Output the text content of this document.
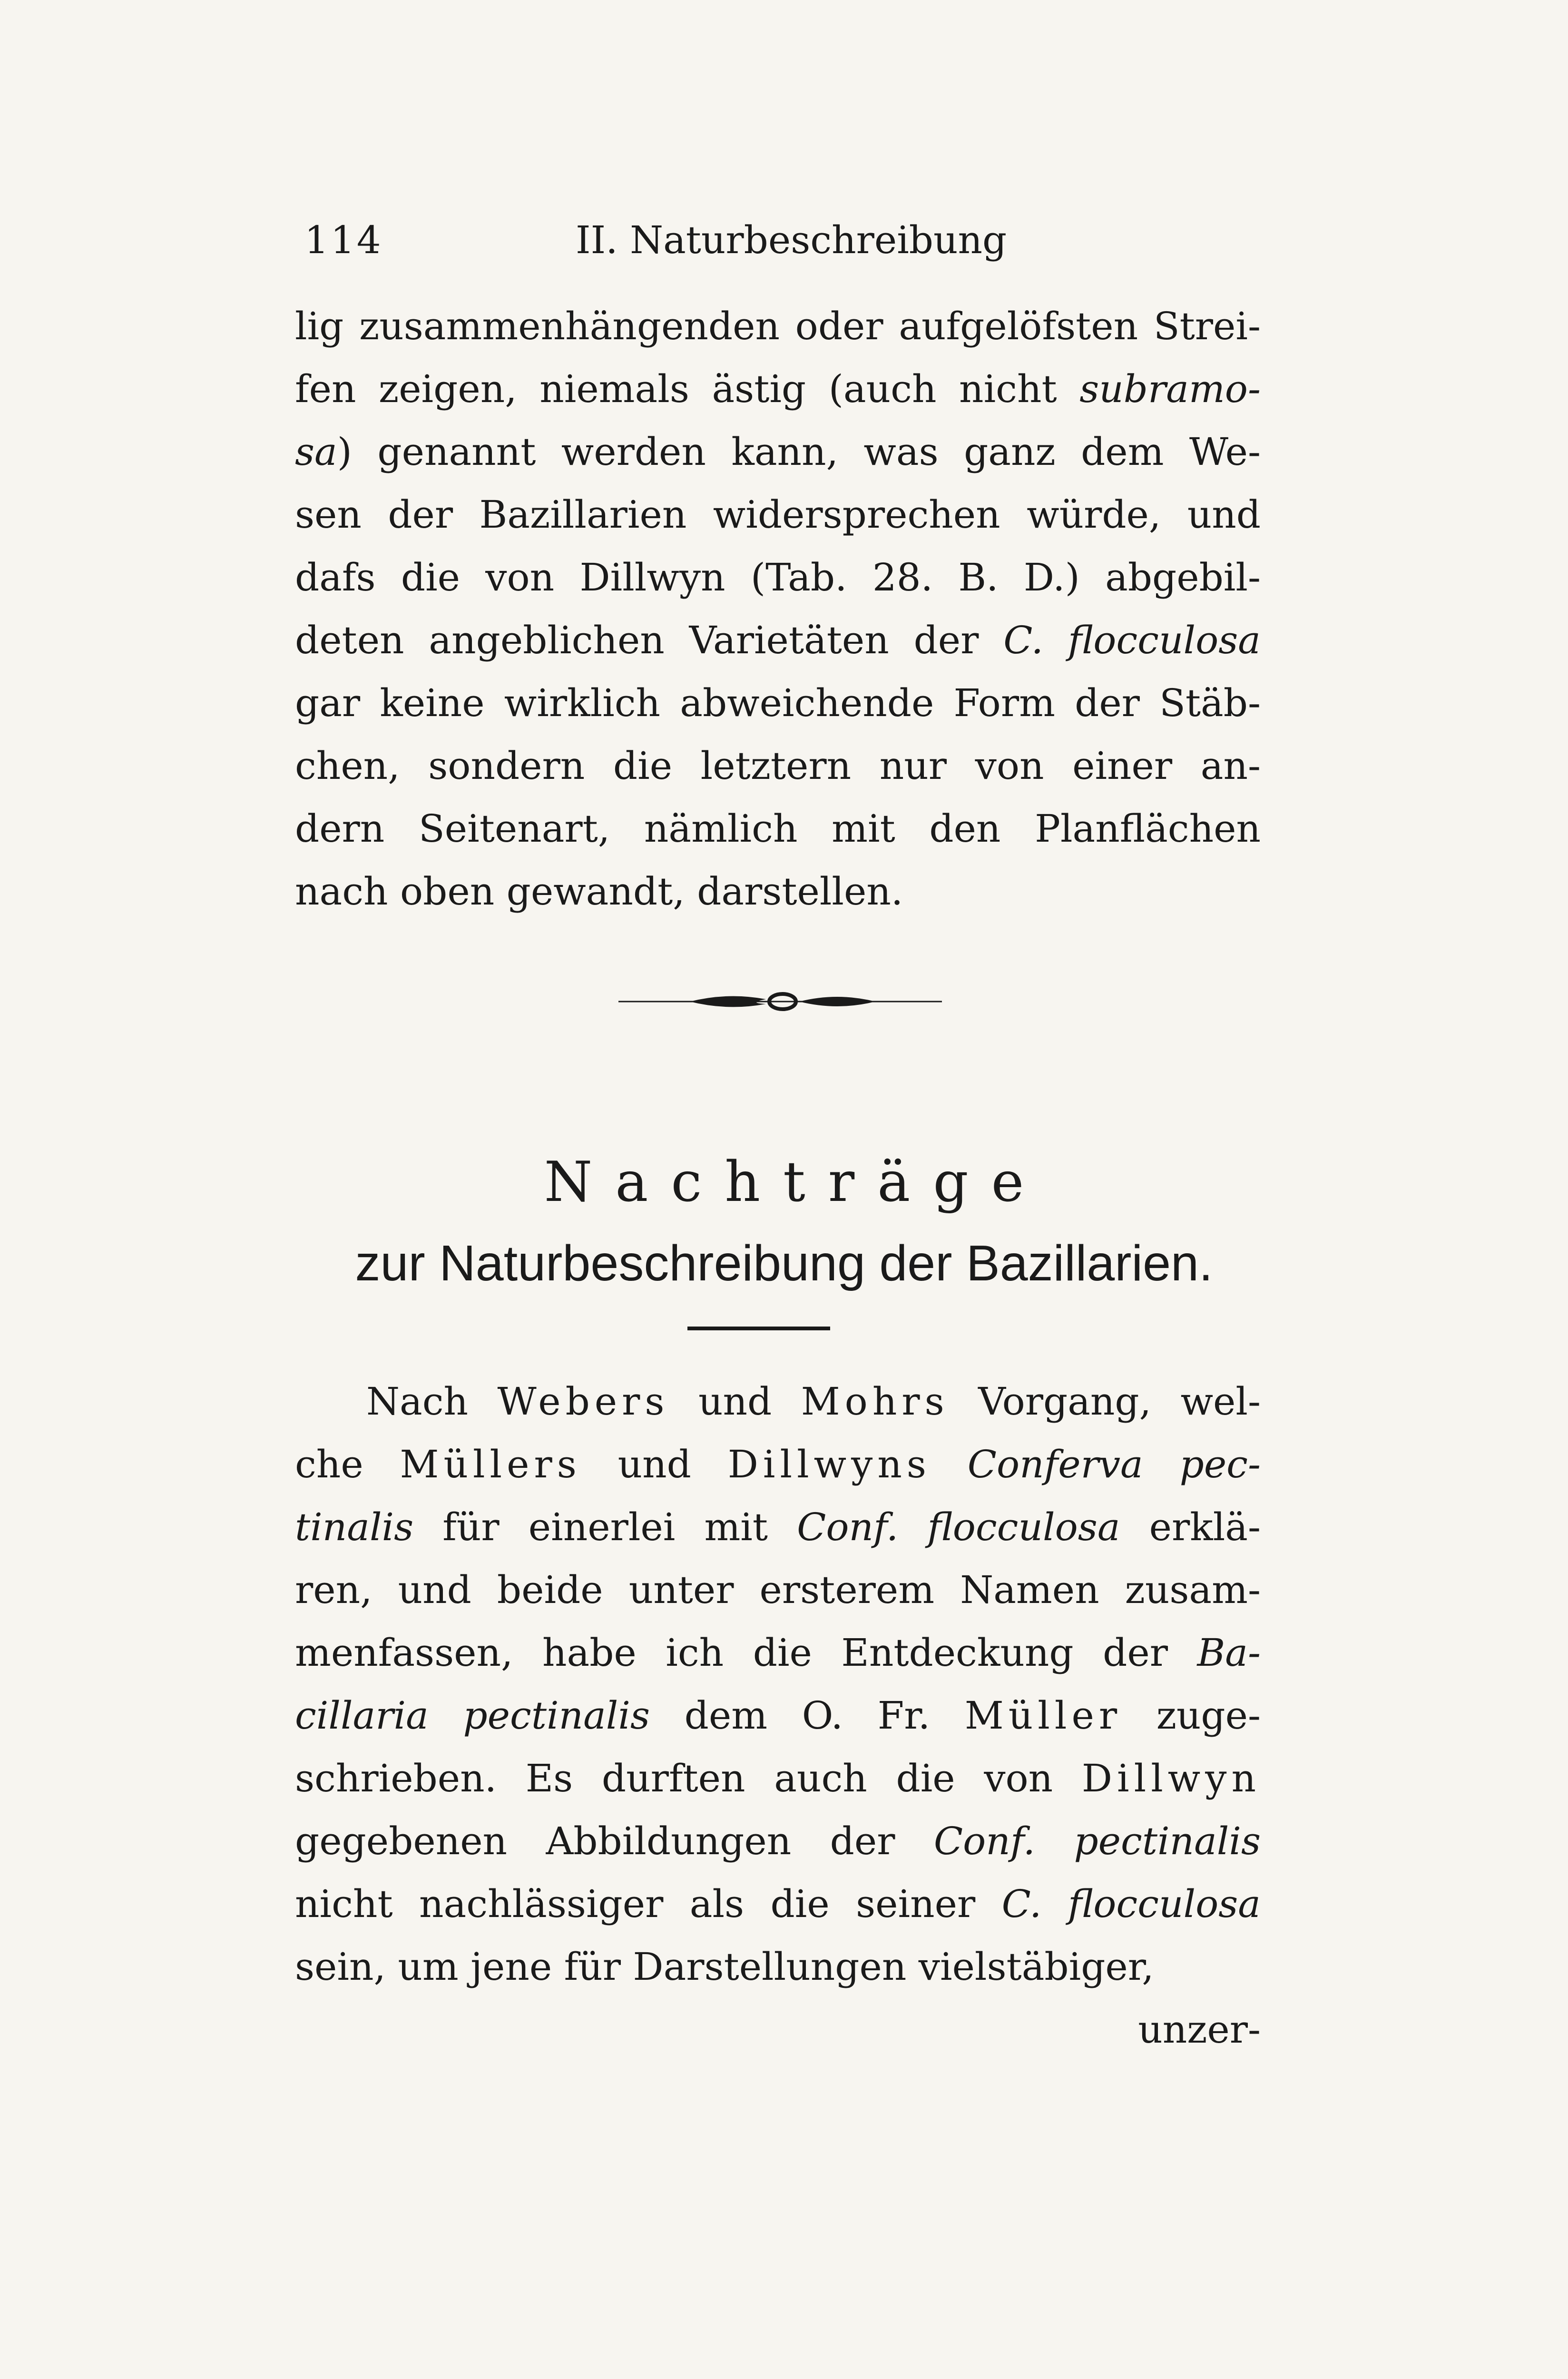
114	II. Naturbeschreibung
lig zusammenhängenden oder aufgelöfsten Strei-
fen zeigen, niemals ästig (auch nicht subramo-
sa) genannt werden kann, was ganz dem We-
sen der Bazillarien widersprechen würde, und
dafs die von Dillwyn (Tab. 28. B. D.) abgebil-
deten angeblichen Varietäten der C. flocculosa
gar keine wirklich abweichende Form der Stäb-
chen, sondern die letztern nur von einer an-
dern Seitenart, nämlich mit den Planflächen
nach oben gewandt, darstellen.
Nachträge
zur Naturbeschreibung der Bazillarien.
Nach Webers und Mohrs Vorgang, wel-
che Müllers und Dillwyns Conferva pec-
tinalis für einerlei mit Conf. flocculosa erklä-
ren, und beide unter ersterem Namen zusam-
menfassen, habe ich die Entdeckung der Ba-
cillaria pectinalis dem O. Fr. Müller zuge-
schrieben. Es durften auch die von Dillwyn
gegebenen Abbildungen der Conf. pectinalis
nicht nachlässiger als die seiner C. flocculosa
sein, um jene für Darstellungen vielstäbiger,
unzer-
